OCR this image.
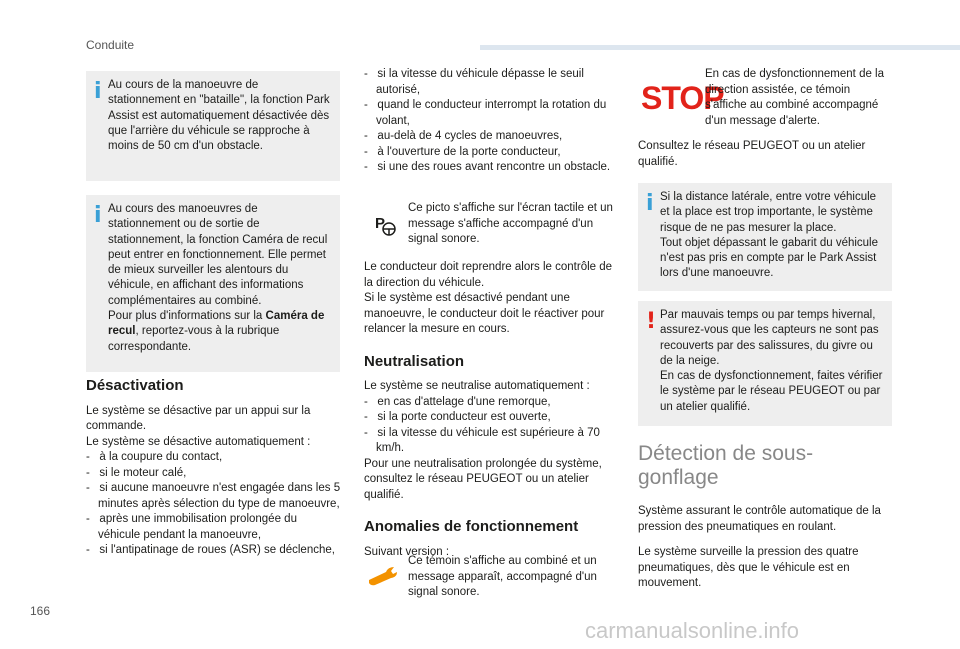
Conduite
i Au cours de la manoeuvre de stationnement en "bataille", la fonction Park Assist est automatiquement désactivée dès que l'arrière du véhicule se rapproche à moins de 50 cm d'un obstacle.

i Au cours des manoeuvres de stationnement ou de sortie de stationnement, la fonction Caméra de recul peut entrer en fonctionnement. Elle permet de mieux surveiller les alentours du véhicule, en affichant des informations complémentaires au combiné.

Pour plus d'informations sur la Caméra de recul, reportez-vous à la rubrique correspondante.

Désactivation

Le système se désactive par un appui sur la commande.

Le système se désactive automatiquement :

-   à la coupure du contact,
-   si le moteur calé,
-   si aucune manoeuvre n'est engagée dans les 5 minutes après sélection du type de manoeuvre,
-   après une immobilisation prolongée du véhicule pendant la manoeuvre,
-   si l'antipatinage de roues (ASR) se déclenche,
-   si la vitesse du véhicule dépasse le seuil autorisé,
-   quand le conducteur interrompt la rotation du volant,
-   au-delà de 4 cycles de manoeuvres,
-   à l'ouverture de la porte conducteur,
-   si une des roues avant rencontre un obstacle.
P
Ce picto s'affiche sur l'écran tactile et un message s'affiche accompagné d'un signal sonore.

Le conducteur doit reprendre alors le contrôle de la direction du véhicule.

Si le système est désactivé pendant une manoeuvre, le conducteur doit le réactiver pour relancer la mesure en cours.

Neutralisation

Le système se neutralise automatiquement :

-   en cas d'attelage d'une remorque,
-   si la porte conducteur est ouverte,
-   si la vitesse du véhicule est supérieure à 70 km/h.

Pour une neutralisation prolongée du système, consultez le réseau PEUGEOT ou un atelier qualifié.

Anomalies de fonctionnement

Suivant version :

Ce témoin s'affiche au combiné et un message apparaît, accompagné d'un signal sonore.
STOP
En cas de dysfonctionnement de la direction assistée, ce témoin s'affiche au combiné accompagné d'un message d'alerte.
Consultez le réseau PEUGEOT ou un atelier qualifié.
i Si la distance latérale, entre votre véhicule et la place est trop importante, le système risque de ne pas mesurer la place.

Tout objet dépassant le gabarit du véhicule n'est pas pris en compte par le Park Assist lors d'une manoeuvre.

! Par mauvais temps ou par temps hivernal, assurez-vous que les capteurs ne sont pas recouverts par des salissures, du givre ou de la neige.

En cas de dysfonctionnement, faites vérifier le système par le réseau PEUGEOT ou par un atelier qualifié.

Détection de sous-gonflage

Système assurant le contrôle automatique de la pression des pneumatiques en roulant.

Le système surveille la pression des quatre pneumatiques, dès que le véhicule est en mouvement.

166
carmanualsonline.info
